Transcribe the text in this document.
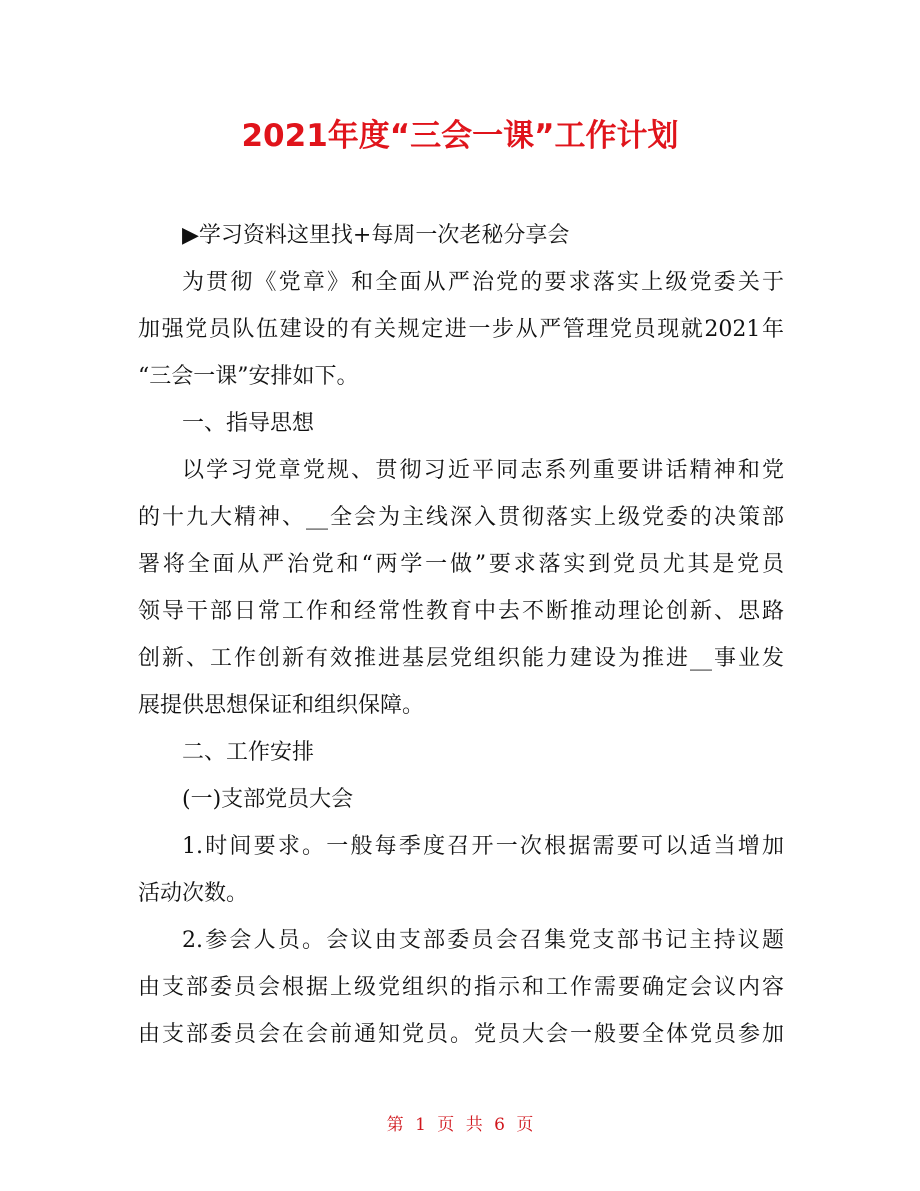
2021年度“三会一课”工作计划
▶学习资料这里找+每周一次老秘分享会
为贯彻《党章》和全面从严治党的要求落实上级党委关于
加强党员队伍建设的有关规定进一步从严管理党员现就2021年
“三会一课”安排如下。
一、指导思想
以学习党章党规、贯彻习近平同志系列重要讲话精神和党
的十九大精神、__全会为主线深入贯彻落实上级党委的决策部
署将全面从严治党和“两学一做”要求落实到党员尤其是党员
领导干部日常工作和经常性教育中去不断推动理论创新、思路
创新、工作创新有效推进基层党组织能力建设为推进__事业发
展提供思想保证和组织保障。
二、工作安排
(一)支部党员大会
1.时间要求。一般每季度召开一次根据需要可以适当增加
活动次数。
2.参会人员。会议由支部委员会召集党支部书记主持议题
由支部委员会根据上级党组织的指示和工作需要确定会议内容
由支部委员会在会前通知党员。党员大会一般要全体党员参加
第 1 页 共 6 页
